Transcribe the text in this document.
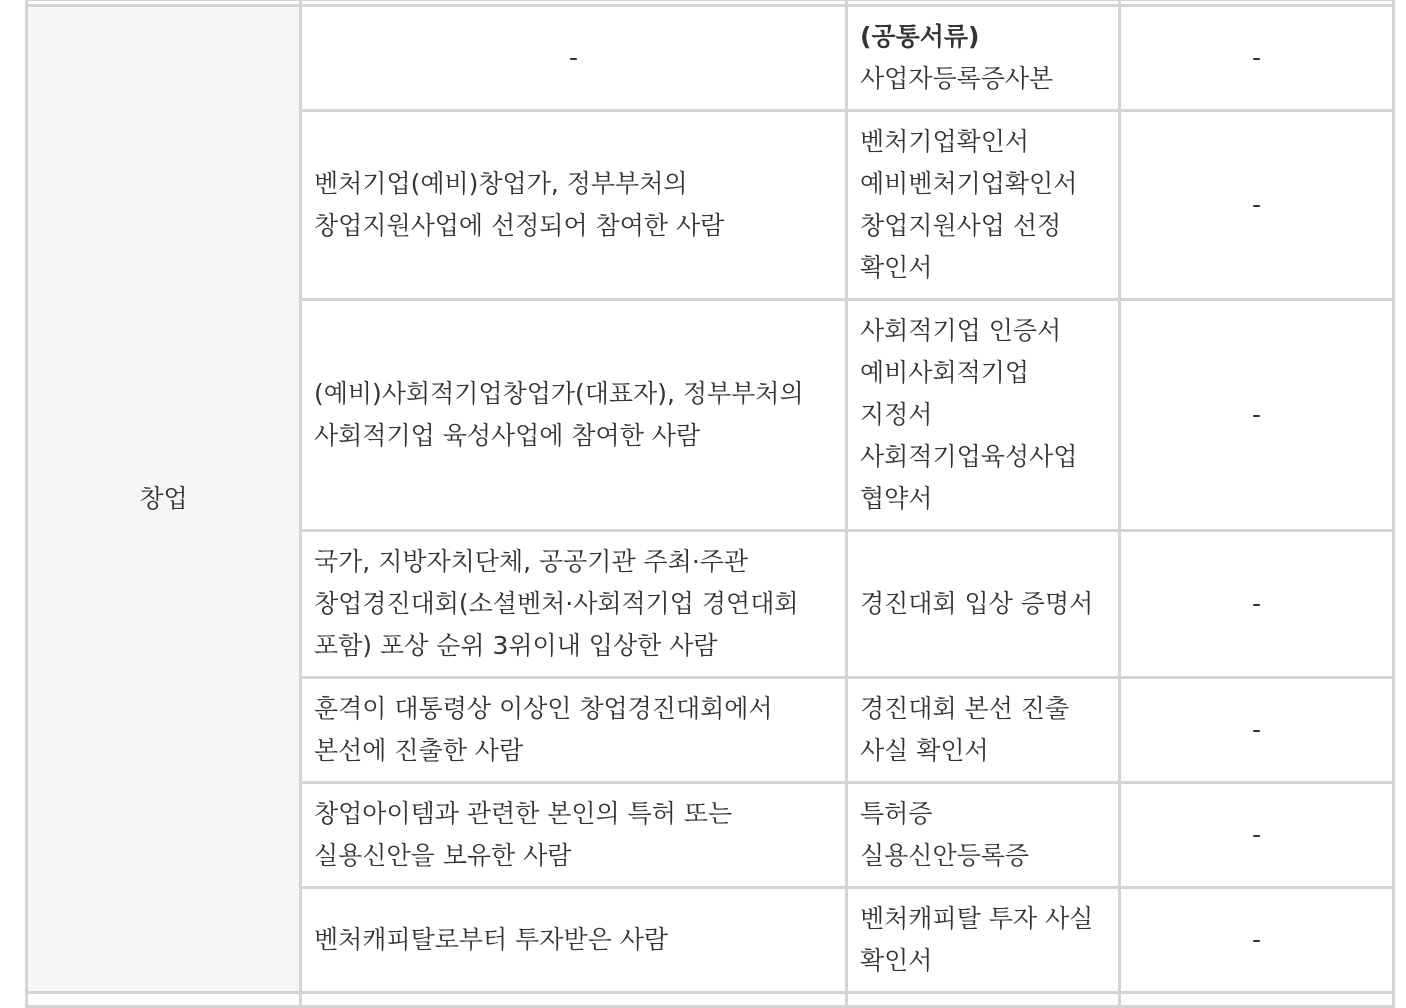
창업	-	(공통서류)
사업자등록증사본	-
	벤처기업(예비)창업가, 정부부처의 창업지원사업에 선정되어 참여한 사람	벤처기업확인서
예비벤처기업확인서
창업지원사업 선정 확인서	-
	(예비)사회적기업창업가(대표자), 정부부처의 사회적기업 육성사업에 참여한 사람	사회적기업 인증서
예비사회적기업 지정서
사회적기업육성사업 협약서	-
	국가, 지방자치단체, 공공기관 주최·주관 창업경진대회(소셜벤처·사회적기업 경연대회 포함) 포상 순위 3위이내 입상한 사람	경진대회 입상 증명서	-
	훈격이 대통령상 이상인 창업경진대회에서 본선에 진출한 사람	경진대회 본선 진출 사실 확인서	-
	창업아이템과 관련한 본인의 특허 또는 실용신안을 보유한 사람	특허증
실용신안등록증	-
	벤처캐피탈로부터 투자받은 사람	벤처캐피탈 투자 사실 확인서	-
